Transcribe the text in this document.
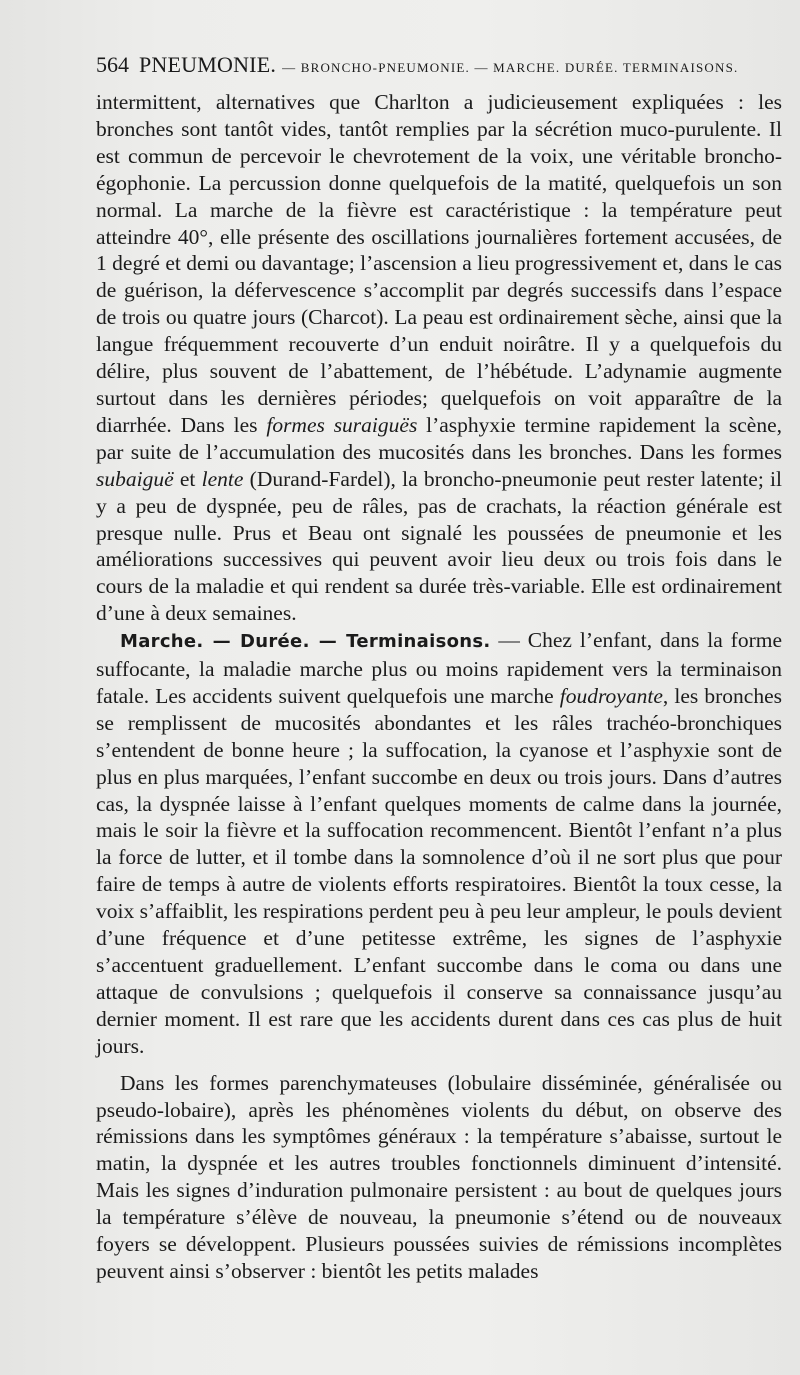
564 PNEUMONIE. — BRONCHO-PNEUMONIE. — MARCHE. DURÉE. TERMINAISONS.

intermittent, alternatives que Charlton a judicieusement expliquées : les bronches sont tantôt vides, tantôt remplies par la sécrétion muco-purulente. Il est commun de percevoir le chevrotement de la voix, une véritable broncho-égophonie. La percussion donne quelquefois de la matité, quelquefois un son normal. La marche de la fièvre est caractéristique : la température peut atteindre 40°, elle présente des oscillations journalières fortement accusées, de 1 degré et demi ou davantage; l’ascension a lieu progressivement et, dans le cas de guérison, la défervescence s’accomplit par degrés successifs dans l’espace de trois ou quatre jours (Charcot). La peau est ordinairement sèche, ainsi que la langue fréquemment recouverte d’un enduit noirâtre. Il y a quelquefois du délire, plus souvent de l’abattement, de l’hébétude. L’adynamie augmente surtout dans les dernières périodes; quelquefois on voit apparaître de la diarrhée. Dans les formes suraiguës l’asphyxie termine rapidement la scène, par suite de l’accumulation des mucosités dans les bronches. Dans les formes subaiguë et lente (Durand-Fardel), la broncho-pneumonie peut rester latente; il y a peu de dyspnée, peu de râles, pas de crachats, la réaction générale est presque nulle. Prus et Beau ont signalé les poussées de pneumonie et les améliorations successives qui peuvent avoir lieu deux ou trois fois dans le cours de la maladie et qui rendent sa durée très-variable. Elle est ordinairement d’une à deux semaines.

Marche. — Durée. — Terminaisons. — Chez l’enfant, dans la forme suffocante, la maladie marche plus ou moins rapidement vers la terminaison fatale. Les accidents suivent quelquefois une marche foudroyante, les bronches se remplissent de mucosités abondantes et les râles trachéo-bronchiques s’entendent de bonne heure ; la suffocation, la cyanose et l’asphyxie sont de plus en plus marquées, l’enfant succombe en deux ou trois jours. Dans d’autres cas, la dyspnée laisse à l’enfant quelques moments de calme dans la journée, mais le soir la fièvre et la suffocation recommencent. Bientôt l’enfant n’a plus la force de lutter, et il tombe dans la somnolence d’où il ne sort plus que pour faire de temps à autre de violents efforts respiratoires. Bientôt la toux cesse, la voix s’affaiblit, les respirations perdent peu à peu leur ampleur, le pouls devient d’une fréquence et d’une petitesse extrême, les signes de l’asphyxie s’accentuent graduellement. L’enfant succombe dans le coma ou dans une attaque de convulsions ; quelquefois il conserve sa connaissance jusqu’au dernier moment. Il est rare que les accidents durent dans ces cas plus de huit jours.

Dans les formes parenchymateuses (lobulaire disséminée, généralisée ou pseudo-lobaire), après les phénomènes violents du début, on observe des rémissions dans les symptômes généraux : la température s’abaisse, surtout le matin, la dyspnée et les autres troubles fonctionnels diminuent d’intensité. Mais les signes d’induration pulmonaire persistent : au bout de quelques jours la température s’élève de nouveau, la pneumonie s’étend ou de nouveaux foyers se développent. Plusieurs poussées suivies de rémissions incomplètes peuvent ainsi s’observer : bientôt les petits malades
